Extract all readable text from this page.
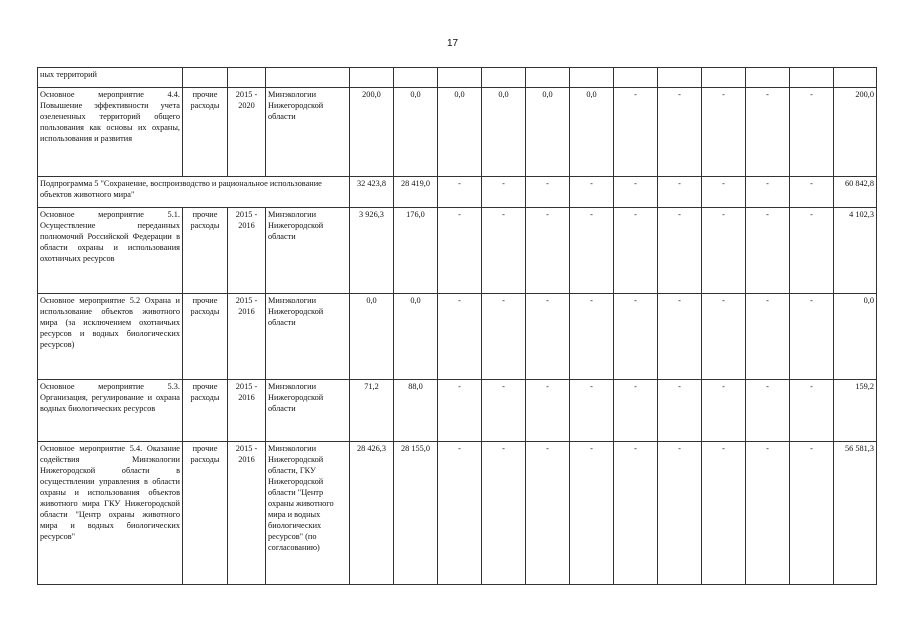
17
ных территорий															
Основное мероприятие 4.4. Повышение эффективности учета озелененных территорий общего пользования как основы их охраны, использования и развития	прочие расходы	2015 - 2020	Минэкологии Нижегородской области	200,0	0,0	0,0	0,0	0,0	0,0	-	-	-	-	-	200,0
Подпрограмма 5 "Сохранение, воспроизводство и рациональное использование объектов животного мира"				32 423,8	28 419,0	-	-	-	-	-	-	-	-	-	60 842,8
Основное мероприятие 5.1. Осуществление переданных полномочий Российской Федерации в области охраны и использования охотничьих ресурсов	прочие расходы	2015 - 2016	Минэкологии Нижегородской области	3 926,3	176,0	-	-	-	-	-	-	-	-	-	4 102,3
Основное мероприятие 5.2 Охрана и использование объектов животного мира (за исключением охотничьих ресурсов и водных биологических ресурсов)	прочие расходы	2015 - 2016	Минэкологии Нижегородской области	0,0	0,0	-	-	-	-	-	-	-	-	-	0,0
Основное мероприятие 5.3. Организация, регулирование и охрана водных биологических ресурсов	прочие расходы	2015 - 2016	Минэкологии Нижегородской области	71,2	88,0	-	-	-	-	-	-	-	-	-	159,2
Основное мероприятие 5.4. Оказание содействия Минэкологии Нижегородской области в осуществлении управления в области охраны и использования объектов животного мира ГКУ Нижегородской области "Центр охраны животного мира и водных биологических ресурсов"	прочие расходы	2015 - 2016	Минэкологии Нижегородской области, ГКУ Нижегородской области "Центр охраны животного мира и водных биологических ресурсов" (по согласованию)	28 426,3	28 155,0	-	-	-	-	-	-	-	-	-	56 581,3
